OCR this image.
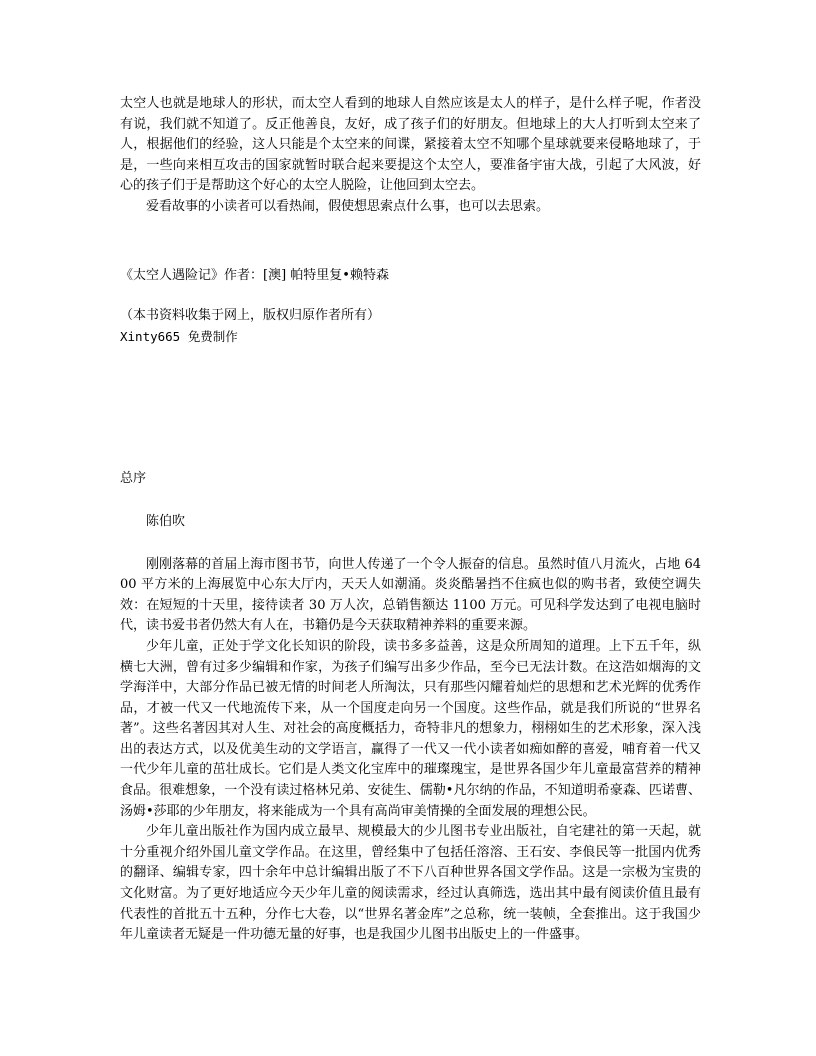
太空人也就是地球人的形状，而太空人看到的地球人自然应该是太人的样子，是什么样子呢，作者没有说，我们就不知道了。反正他善良，友好，成了孩子们的好朋友。但地球上的大人打听到太空来了人，根据他们的经验，这人只能是个太空来的间谍，紧接着太空不知哪个星球就要来侵略地球了，于是，一些向来相互攻击的国家就暂时联合起来要提这个太空人，要准备宇宙大战，引起了大风波，好心的孩子们于是帮助这个好心的太空人脱险，让他回到太空去。

爱看故事的小读者可以看热闹，假使想思索点什么事，也可以去思索。

《太空人遇险记》作者：[澳] 帕特里复•赖特森

（本书资料收集于网上，版权归原作者所有）

Xinty665 免费制作

总序

陈伯吹

刚刚落幕的首届上海市图书节，向世人传递了一个令人振奋的信息。虽然时值八月流火，占地 6400 平方米的上海展览中心东大厅内，天天人如潮涌。炎炎酷暑挡不住疯也似的购书者，致使空调失效：在短短的十天里，接待读者 30 万人次，总销售额达 1100 万元。可见科学发达到了电视电脑时代，读书爱书者仍然大有人在，书籍仍是今天获取精神养料的重要来源。

少年儿童，正处于学文化长知识的阶段，读书多多益善，这是众所周知的道理。上下五千年，纵横七大洲，曾有过多少编辑和作家，为孩子们编写出多少作品，至今已无法计数。在这浩如烟海的文学海洋中，大部分作品已被无情的时间老人所淘汰，只有那些闪耀着灿烂的思想和艺术光辉的优秀作品，才被一代又一代地流传下来，从一个国度走向另一个国度。这些作品，就是我们所说的“世界名著”。这些名著因其对人生、对社会的高度概括力，奇特非凡的想象力，栩栩如生的艺术形象，深入浅出的表达方式，以及优美生动的文学语言，赢得了一代又一代小读者如痴如醉的喜爱，哺育着一代又一代少年儿童的茁壮成长。它们是人类文化宝库中的璀璨瑰宝，是世界各国少年儿童最富营养的精神食品。很难想象，一个没有读过格林兄弟、安徒生、儒勒•凡尔纳的作品，不知道明希豪森、匹诺曹、汤姆•莎耶的少年朋友，将来能成为一个具有高尚审美情操的全面发展的理想公民。

少年儿童出版社作为国内成立最早、规模最大的少儿图书专业出版社，自宅建社的第一天起，就十分重视介绍外国儿童文学作品。在这里，曾经集中了包括任溶溶、王石安、李俍民等一批国内优秀的翻译、编辑专家，四十余年中总计编辑出版了不下八百种世界各国文学作品。这是一宗极为宝贵的文化财富。为了更好地适应今天少年儿童的阅读需求，经过认真筛选，选出其中最有阅读价值且最有代表性的首批五十五种，分作七大卷，以“世界名著金库”之总称，统一装帧，全套推出。这于我国少年儿童读者无疑是一件功德无量的好事，也是我国少儿图书出版史上的一件盛事。
